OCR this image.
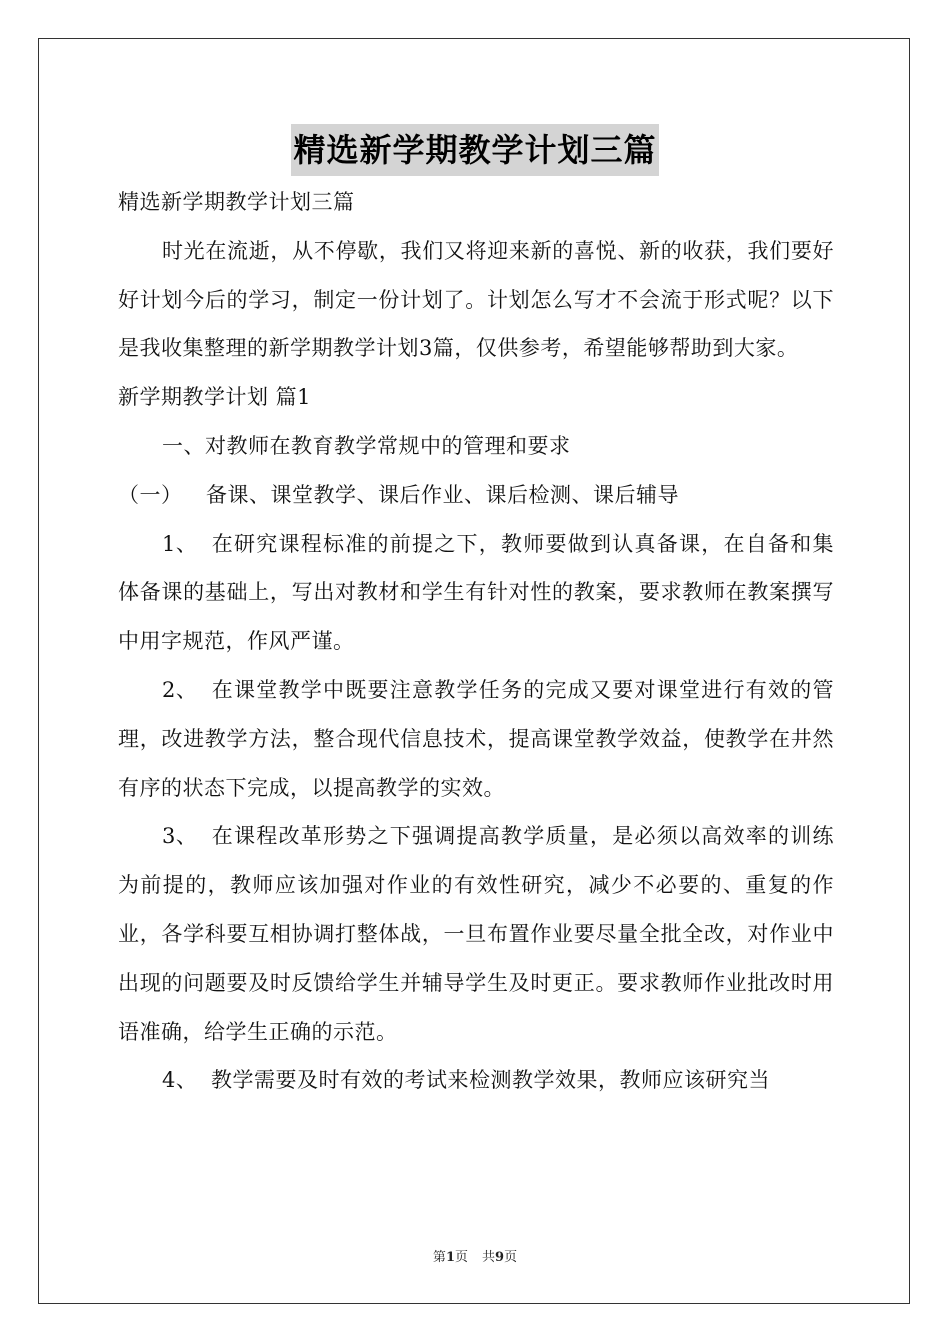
精选新学期教学计划三篇

精选新学期教学计划三篇

时光在流逝，从不停歇，我们又将迎来新的喜悦、新的收获，我们要好好计划今后的学习，制定一份计划了。计划怎么写才不会流于形式呢？以下是我收集整理的新学期教学计划3篇，仅供参考，希望能够帮助到大家。

新学期教学计划 篇1

一、对教师在教育教学常规中的管理和要求

（一） 备课、课堂教学、课后作业、课后检测、课后辅导

1、 在研究课程标准的前提之下，教师要做到认真备课，在自备和集体备课的基础上，写出对教材和学生有针对性的教案，要求教师在教案撰写中用字规范，作风严谨。

2、 在课堂教学中既要注意教学任务的完成又要对课堂进行有效的管理，改进教学方法，整合现代信息技术，提高课堂教学效益，使教学在井然有序的状态下完成，以提高教学的实效。

3、 在课程改革形势之下强调提高教学质量，是必须以高效率的训练为前提的，教师应该加强对作业的有效性研究，减少不必要的、重复的作业，各学科要互相协调打整体战，一旦布置作业要尽量全批全改，对作业中出现的问题要及时反馈给学生并辅导学生及时更正。要求教师作业批改时用语准确，给学生正确的示范。

4、 教学需要及时有效的考试来检测教学效果，教师应该研究当

第1页 共9页
